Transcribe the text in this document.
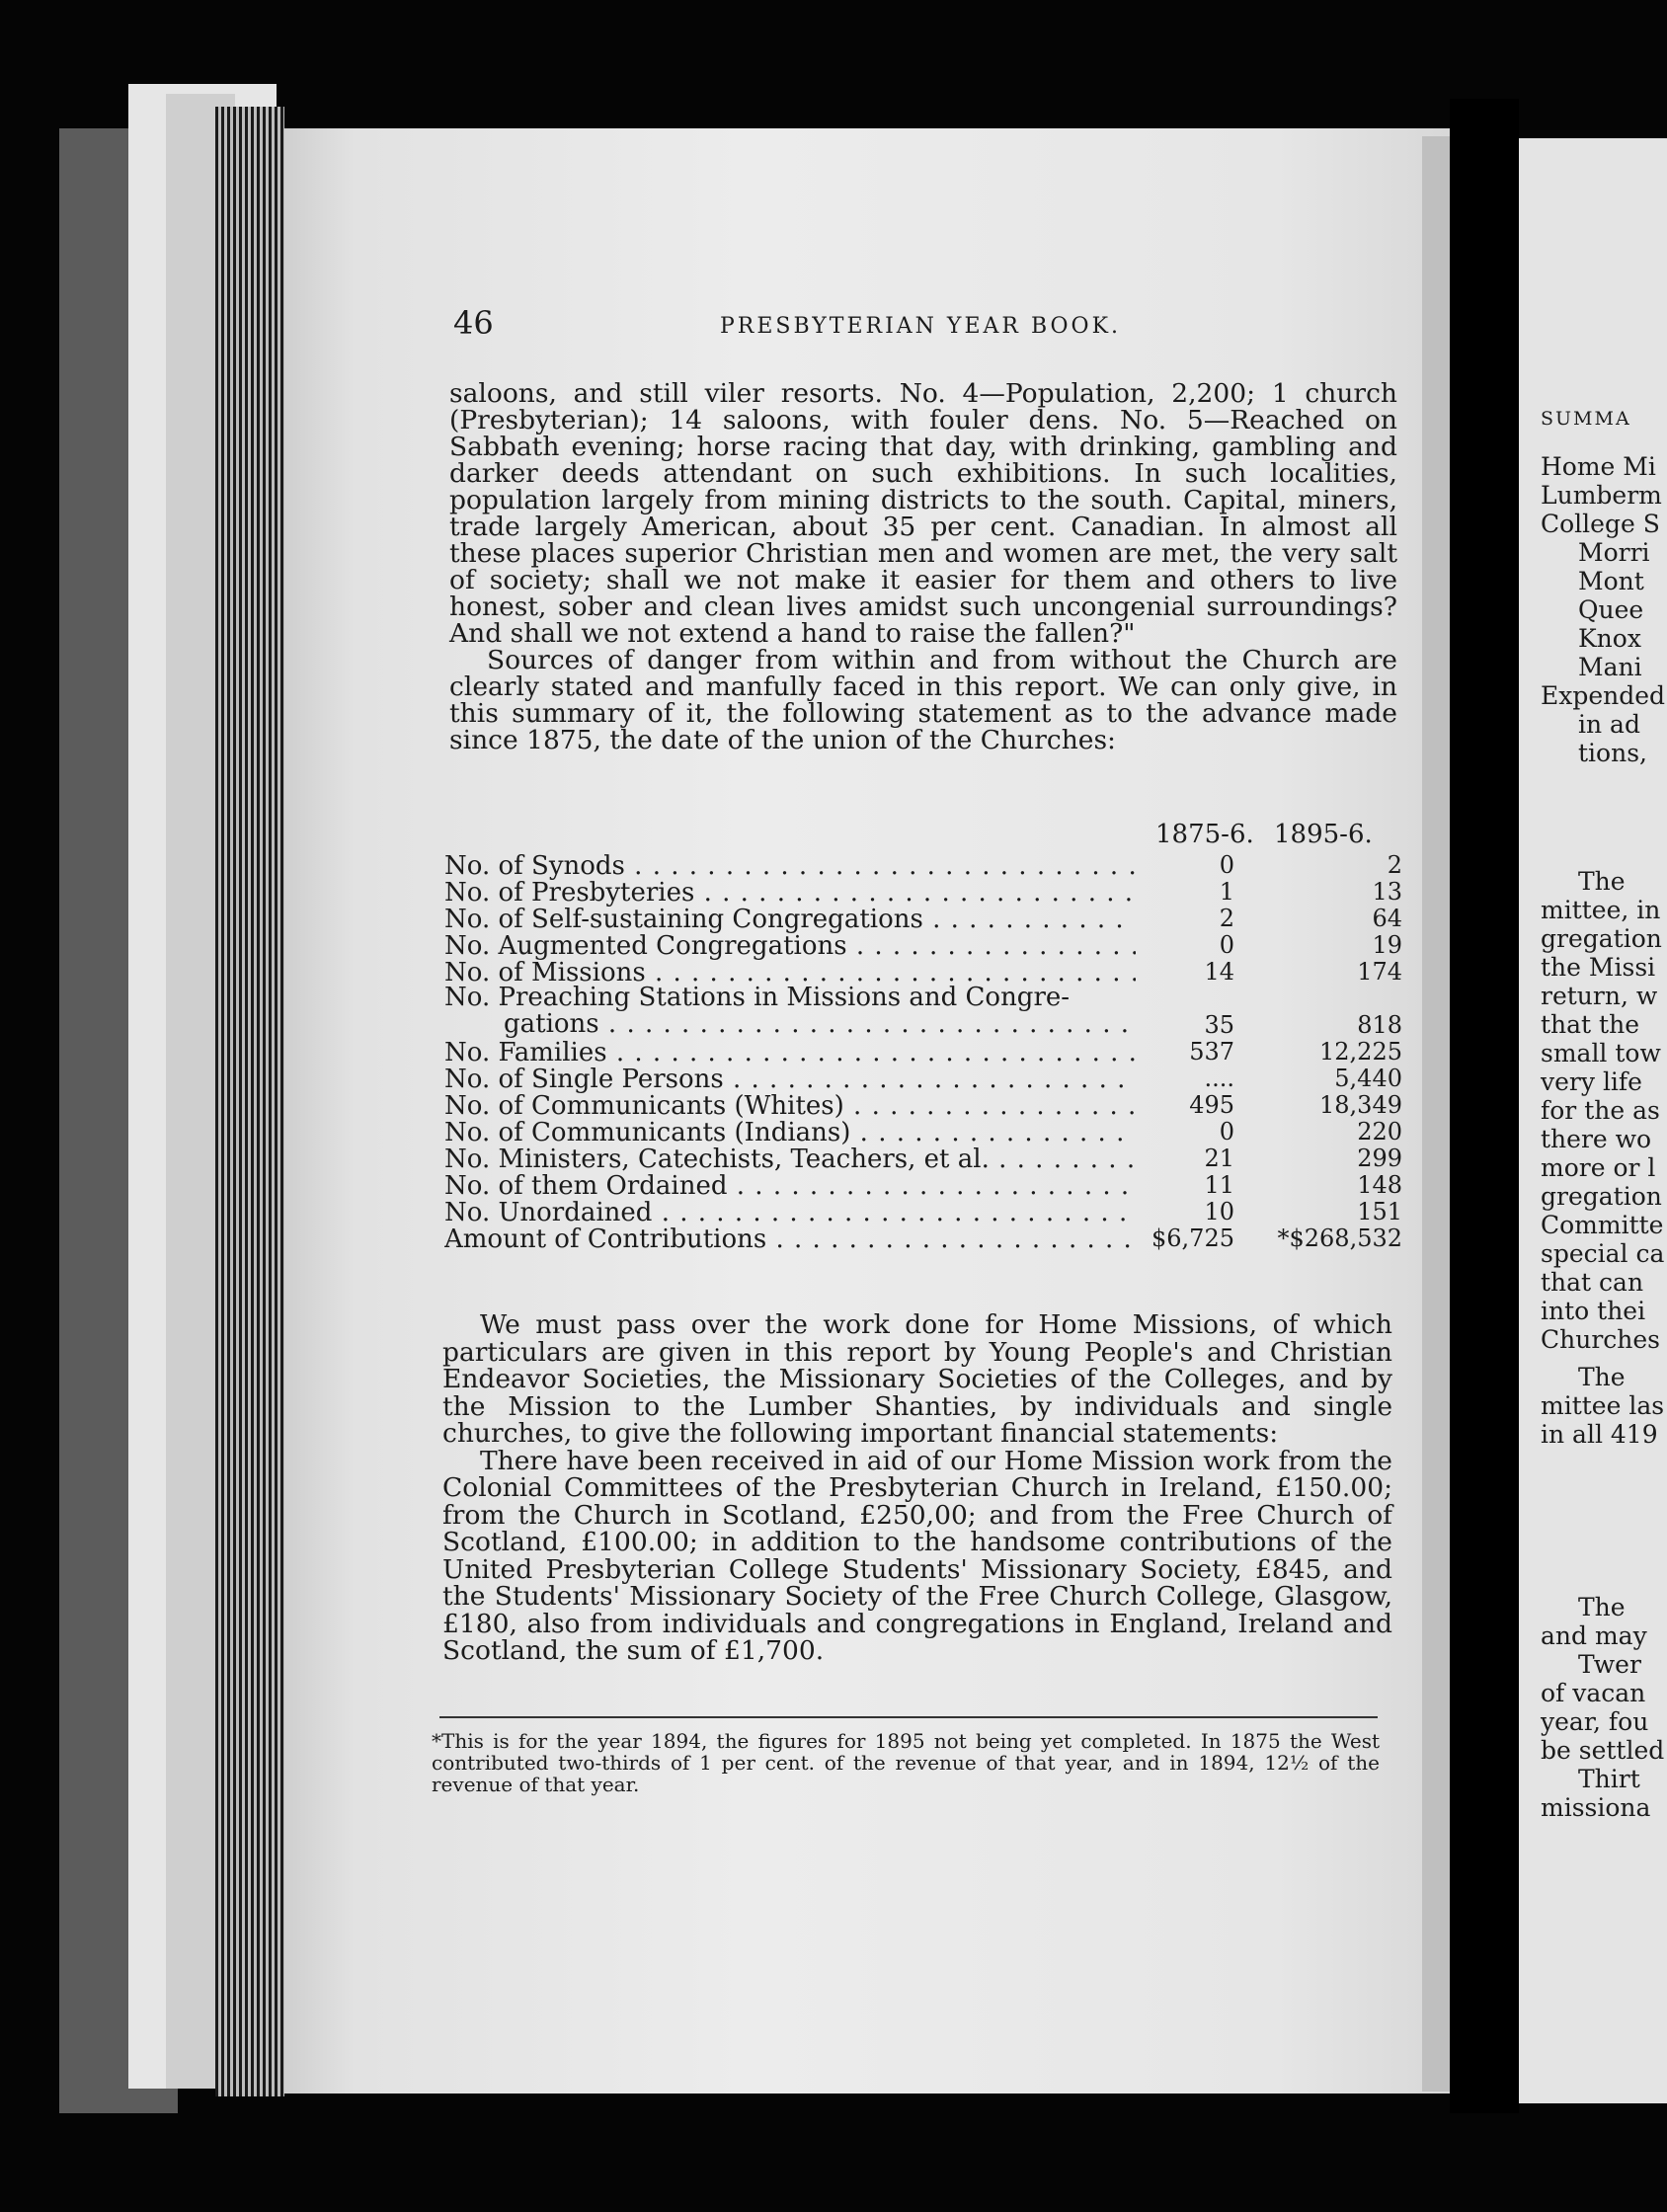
46	PRESBYTERIAN YEAR BOOK.

saloons, and still viler resorts. No. 4—Population, 2,200; 1 church (Presbyterian); 14 saloons, with fouler dens. No. 5—Reached on Sabbath evening; horse racing that day, with drinking, gambling and darker deeds attendant on such exhibitions. In such localities, population largely from mining districts to the south. Capital, miners, trade largely American, about 35 per cent. Canadian. In almost all these places superior Christian men and women are met, the very salt of society; shall we not make it easier for them and others to live honest, sober and clean lives amidst such uncongenial surroundings? And shall we not extend a hand to raise the fallen?"

Sources of danger from within and from without the Church are clearly stated and manfully faced in this report. We can only give, in this summary of it, the following statement as to the advance made since 1875, the date of the union of the Churches:

1875-6. 1895-6.
No. of Synods . . .	0	2
No. of Presbyteries . . .	1	13
No. of Self-sustaining Congregations . . .	2	64
No. Augmented Congregations . . .	0	19
No. of Missions . . .	14	174
No. Preaching Stations in Missions and Congre-
gations . . .	35	818
No. Families . . .	537	12,225
No. of Single Persons . . .	....	5,440
No. of Communicants (Whites) . . .	495	18,349
No. of Communicants (Indians) . . .	0	220
No. Ministers, Catechists, Teachers, et al. . . .	21	299
No. of them Ordained . . .	11	148
No. Unordained . . .	10	151
Amount of Contributions . . .	$6,725	*$268,532

We must pass over the work done for Home Missions, of which particulars are given in this report by Young People's and Christian Endeavor Societies, the Missionary Societies of the Colleges, and by the Mission to the Lumber Shanties, by individuals and single churches, to give the following important financial statements:

There have been received in aid of our Home Mission work from the Colonial Committees of the Presbyterian Church in Ireland, £150.00; from the Church in Scotland, £250,00; and from the Free Church of Scotland, £100.00; in addition to the handsome contributions of the United Presbyterian College Students' Missionary Society, £845, and the Students' Missionary Society of the Free Church College, Glasgow, £180, also from individuals and congregations in England, Ireland and Scotland, the sum of £1,700.

*This is for the year 1894, the figures for 1895 not being yet completed. In 1875 the West contributed two-thirds of 1 per cent. of the revenue of that year, and in 1894, 12½ of the revenue of that year.
SUMMA
Home Mi
Lumberm
College S
Morri
Mont
Quee
Knox
Mani
Expended
in ad
tions,
The
mittee, in
gregation
the Missi
return, w
that the
small tow
very life
for the as
there wo
more or l
gregation
Committe
special ca
that can
into thei
Churches
The
mittee las
in all 419
The
and may
Twer
of vacan
year, fou
be settled
Thirt
missiona
